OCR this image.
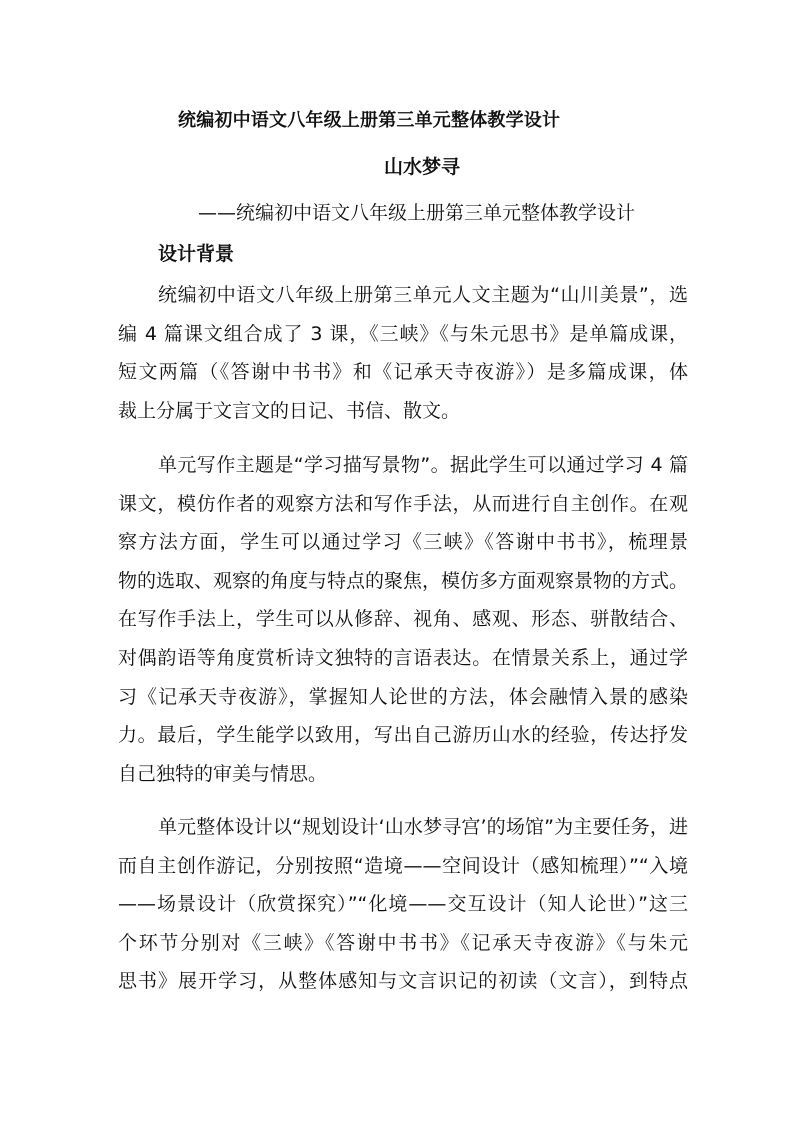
统编初中语文八年级上册第三单元整体教学设计
山水梦寻
——统编初中语文八年级上册第三单元整体教学设计
设计背景

统编初中语文八年级上册第三单元人文主题为“山川美景”，选
编 4 篇课文组合成了 3 课，《三峡》《与朱元思书》是单篇成课，
短文两篇（《答谢中书书》和《记承天寺夜游》）是多篇成课，体
裁上分属于文言文的日记、书信、散文。

单元写作主题是“学习描写景物”。据此学生可以通过学习 4 篇
课文，模仿作者的观察方法和写作手法，从而进行自主创作。在观
察方法方面，学生可以通过学习《三峡》《答谢中书书》，梳理景
物的选取、观察的角度与特点的聚焦，模仿多方面观察景物的方式。
在写作手法上，学生可以从修辞、视角、感观、形态、骈散结合、
对偶韵语等角度赏析诗文独特的言语表达。在情景关系上，通过学
习《记承天寺夜游》，掌握知人论世的方法，体会融情入景的感染
力。最后，学生能学以致用，写出自己游历山水的经验，传达抒发
自己独特的审美与情思。

单元整体设计以“规划设计‘山水梦寻宫’的场馆”为主要任务，进
而自主创作游记，分别按照“造境——空间设计（感知梳理）”“入境
——场景设计（欣赏探究）”“化境——交互设计（知人论世）”这三
个环节分别对《三峡》《答谢中书书》《记承天寺夜游》《与朱元
思书》展开学习，从整体感知与文言识记的初读（文言），到特点
